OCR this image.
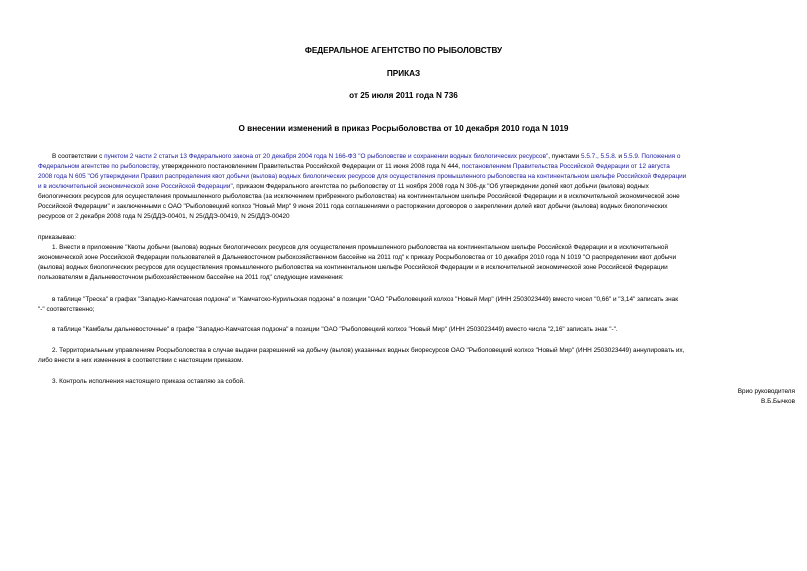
ФЕДЕРАЛЬНОЕ АГЕНТСТВО ПО РЫБОЛОВСТВУ
ПРИКАЗ
от 25 июля 2011 года N 736
О внесении изменений в приказ Росрыболовства от 10 декабря 2010 года N 1019
В соответствии с пунктом 2 части 2 статьи 13 Федерального закона от 20 декабря 2004 года N 166-ФЗ "О рыболовстве и сохранении водных биологических ресурсов", пунктами 5.5.7., 5.5.8. и 5.5.9. Положения о
Федеральном агентстве по рыболовству, утвержденного постановлением Правительства Российской Федерации от 11 июня 2008 года N 444, постановлением Правительства Российской Федерации от 12 августа
2008 года N 605 "Об утверждении Правил распределения квот добычи (вылова) водных биологических ресурсов для осуществления промышленного рыболовства на континентальном шельфе Российской Федерации
и в исключительной экономической зоне Российской Федерации", приказом Федерального агентства по рыболовству от 11 ноября 2008 года N 306-дк "Об утверждении долей квот добычи (вылова) водных
биологических ресурсов для осуществления промышленного рыболовства (за исключением прибрежного рыболовства) на континентальном шельфе Российской Федерации и в исключительной экономической зоне
Российской Федерации" и заключенными с ОАО "Рыболовецкий колхоз "Новый Мир" 9 июня 2011 года соглашениями о расторжении договоров о закреплении долей квот добычи (вылова) водных биологических
ресурсов от 2 декабря 2008 года N 25/ДДЭ-00401, N 25/ДДЭ-00419, N 25/ДДЭ-00420
приказываю:
1. Внести в приложение "Квоты добычи (вылова) водных биологических ресурсов для осуществления промышленного рыболовства на континентальном шельфе Российской Федерации и в исключительной
экономической зоне Российской Федерации пользователей в Дальневосточном рыбохозяйственном бассейне на 2011 год" к приказу Росрыболовства от 10 декабря 2010 года N 1019 "О распределении квот добычи
(вылова) водных биологических ресурсов для осуществления промышленного рыболовства на континентальном шельфе Российской Федерации и в исключительной экономической зоне Российской Федерации
пользователям в Дальневосточном рыбохозяйственном бассейне на 2011 год" следующие изменения:
в таблице "Треска" в графах "Западно-Камчатская подзона" и "Камчатско-Курильская подзона" в позиции "ОАО "Рыболовецкий колхоз "Новый Мир" (ИНН 2503023449) вместо чисел "0,66" и "3,14" записать знак
"-" соответственно;
в таблице "Камбалы дальневосточные" в графе "Западно-Камчатская подзона" в позиции "ОАО "Рыболовецкий колхоз "Новый Мир" (ИНН 2503023449) вместо числа "2,16" записать знак "-".
2. Территориальным управлениям Росрыболовства в случае выдачи разрешений на добычу (вылов) указанных водных биоресурсов ОАО "Рыболовецкий колхоз "Новый Мир" (ИНН 2503023449) аннулировать их,
либо внести в них изменения в соответствии с настоящим приказом.
3. Контроль исполнения настоящего приказа оставляю за собой.
Врио руководителя
В.Б.Бычков
